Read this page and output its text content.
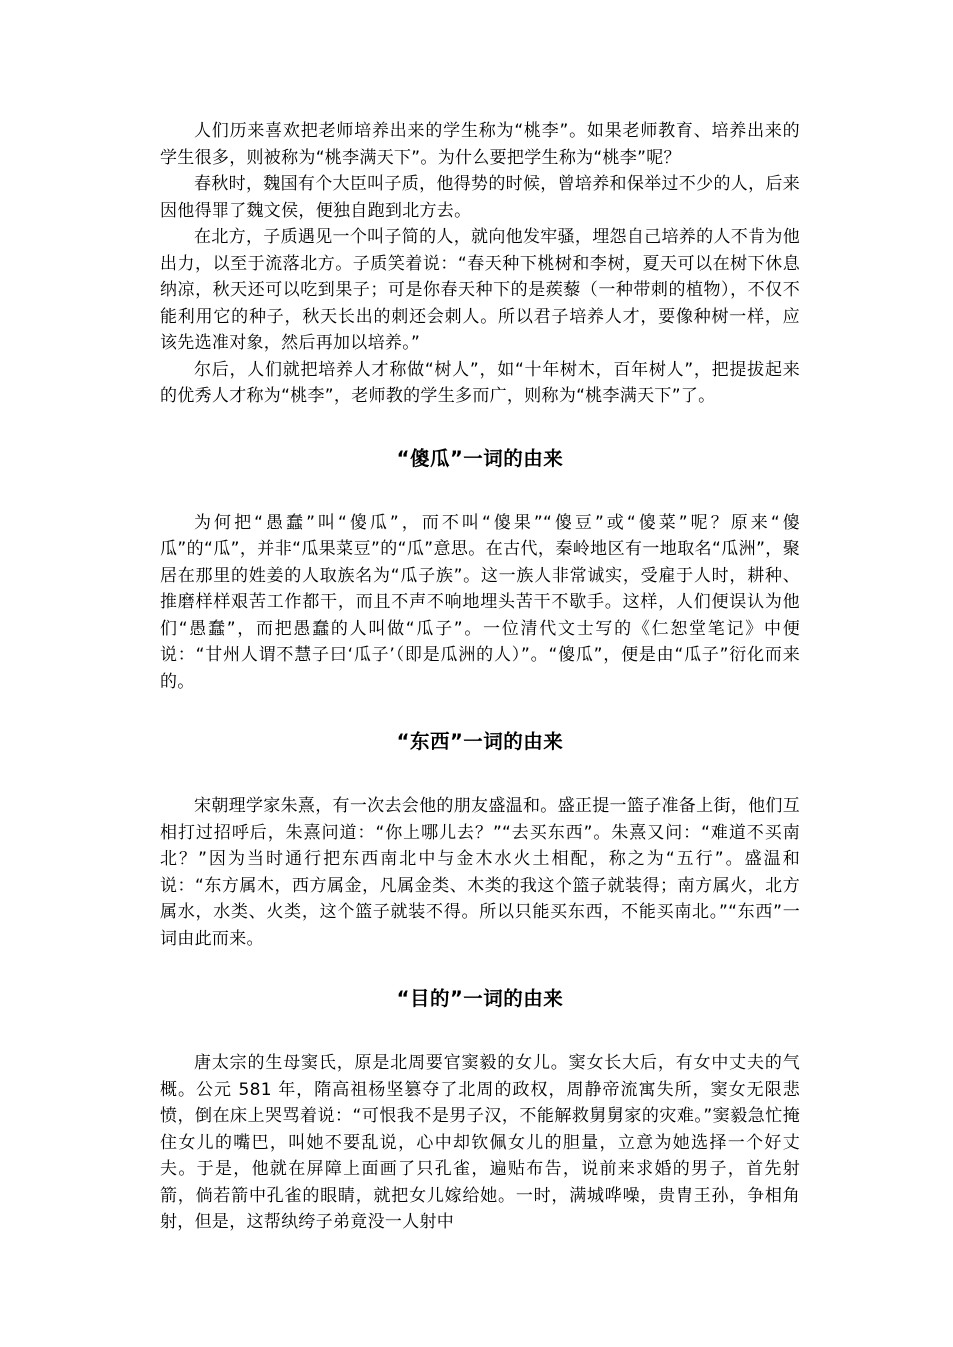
人们历来喜欢把老师培养出来的学生称为“桃李”。如果老师教育、培养出来的学生很多，则被称为“桃李满天下”。为什么要把学生称为“桃李”呢？

春秋时，魏国有个大臣叫子质，他得势的时候，曾培养和保举过不少的人，后来因他得罪了魏文侯，便独自跑到北方去。

在北方，子质遇见一个叫子简的人，就向他发牢骚，埋怨自己培养的人不肯为他出力，以至于流落北方。子质笑着说：“春天种下桃树和李树，夏天可以在树下休息纳凉，秋天还可以吃到果子；可是你春天种下的是蒺藜（一种带刺的植物），不仅不能利用它的种子，秋天长出的刺还会刺人。所以君子培养人才，要像种树一样，应该先选准对象，然后再加以培养。”

尔后，人们就把培养人才称做“树人”，如“十年树木，百年树人”，把提拔起来的优秀人才称为“桃李”，老师教的学生多而广，则称为“桃李满天下”了。

“傻瓜”一词的由来

为何把“愚蠢”叫“傻瓜”，而不叫“傻果”“傻豆”或“傻菜”呢？原来“傻瓜”的“瓜”，并非“瓜果菜豆”的“瓜”意思。在古代，秦岭地区有一地取名“瓜洲”，聚居在那里的姓姜的人取族名为“瓜子族”。这一族人非常诚实，受雇于人时，耕种、推磨样样艰苦工作都干，而且不声不响地埋头苦干不歇手。这样，人们便误认为他们“愚蠢”，而把愚蠢的人叫做“瓜子”。一位清代文士写的《仁恕堂笔记》中便说：“甘州人谓不慧子曰‘瓜子’（即是瓜洲的人）”。“傻瓜”，便是由“瓜子”衍化而来的。

“东西”一词的由来

宋朝理学家朱熹，有一次去会他的朋友盛温和。盛正提一篮子准备上街，他们互相打过招呼后，朱熹问道：“你上哪儿去？”“去买东西”。朱熹又问：“难道不买南北？”因为当时通行把东西南北中与金木水火土相配，称之为“五行”。盛温和说：“东方属木，西方属金，凡属金类、木类的我这个篮子就装得；南方属火，北方属水，水类、火类，这个篮子就装不得。所以只能买东西，不能买南北。”“东西”一词由此而来。

“目的”一词的由来

唐太宗的生母窦氏，原是北周要官窦毅的女儿。窦女长大后，有女中丈夫的气概。公元 581 年，隋高祖杨坚篡夺了北周的政权，周静帝流寓失所，窦女无限悲愤，倒在床上哭骂着说：“可恨我不是男子汉，不能解救舅舅家的灾难。”窦毅急忙掩住女儿的嘴巴，叫她不要乱说，心中却钦佩女儿的胆量，立意为她选择一个好丈夫。于是，他就在屏障上面画了只孔雀，遍贴布告，说前来求婚的男子，首先射箭，倘若箭中孔雀的眼睛，就把女儿嫁给她。一时，满城哗噪，贵胄王孙，争相角射，但是，这帮纨绔子弟竟没一人射中
